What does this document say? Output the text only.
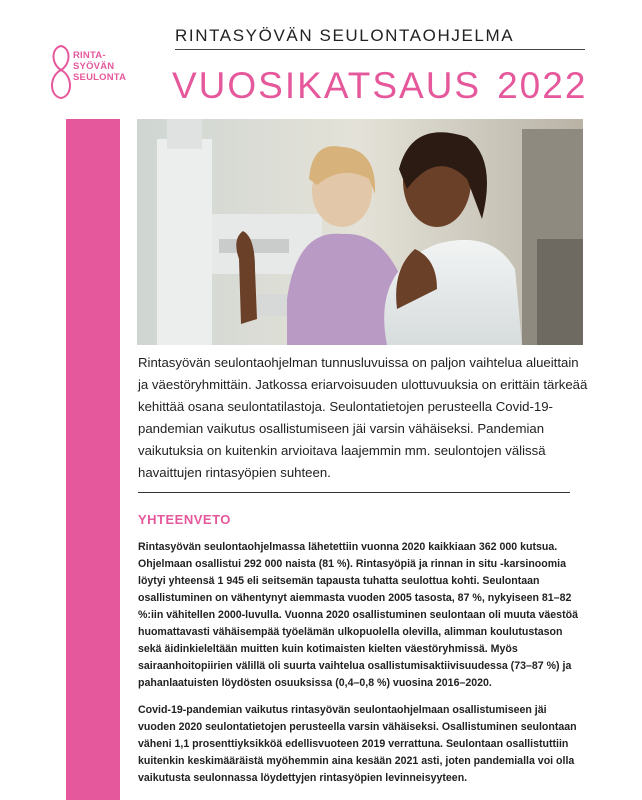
RINTA-
SYÖVÄN
SEULONTA
RINTASYÖVÄN SEULONTAOHJELMA
VUOSIKATSAUS 2022

Rintasyövän seulontaohjelman tunnusluvuissa on paljon vaihtelua alueittain ja väestöryhmittäin. Jatkossa eriarvoisuuden ulottuvuuksia on erittäin tärkeää kehittää osana seulontatilastoja. Seulontatietojen perusteella Covid-19-pandemian vaikutus osallistumiseen jäi varsin vähäiseksi. Pandemian vaikutuksia on kuitenkin arvioitava laajemmin mm. seulontojen välissä havaittujen rintasyöpien suhteen.

YHTEENVETO

Rintasyövän seulontaohjelmassa lähetettiin vuonna 2020 kaikkiaan 362 000 kutsua. Ohjelmaan osallistui 292 000 naista (81 %). Rintasyöpiä ja rinnan in situ -karsinoomia löytyi yhteensä 1 945 eli seitsemän tapausta tuhatta seulottua kohti. Seulontaan osallistuminen on vähentynyt aiemmasta vuoden 2005 tasosta, 87 %, nykyiseen 81–82 %:iin vähitellen 2000-luvulla. Vuonna 2020 osallistuminen seulontaan oli muuta väestöä huomattavasti vähäisempää työelämän ulkopuolella olevilla, alimman koulutustason sekä äidinkieleltään muitten kuin kotimaisten kielten väestöryhmissä. Myös sairaanhoitopiirien välillä oli suurta vaihtelua osallistumisaktiivisuudessa (73–87 %) ja pahanlaatuisten löydösten osuuksissa (0,4–0,8 %) vuosina 2016–2020.

Covid-19-pandemian vaikutus rintasyövän seulontaohjelmaan osallistumiseen jäi vuoden 2020 seulontatietojen perusteella varsin vähäiseksi. Osallistuminen seulontaan väheni 1,1 prosenttiyksikköä edellisvuoteen 2019 verrattuna. Seulontaan osallistuttiin kuitenkin keskimääräistä myöhemmin aina kesään 2021 asti, joten pandemialla voi olla vaikutusta seulonnassa löydettyjen rintasyöpien levinneisyyteen.
